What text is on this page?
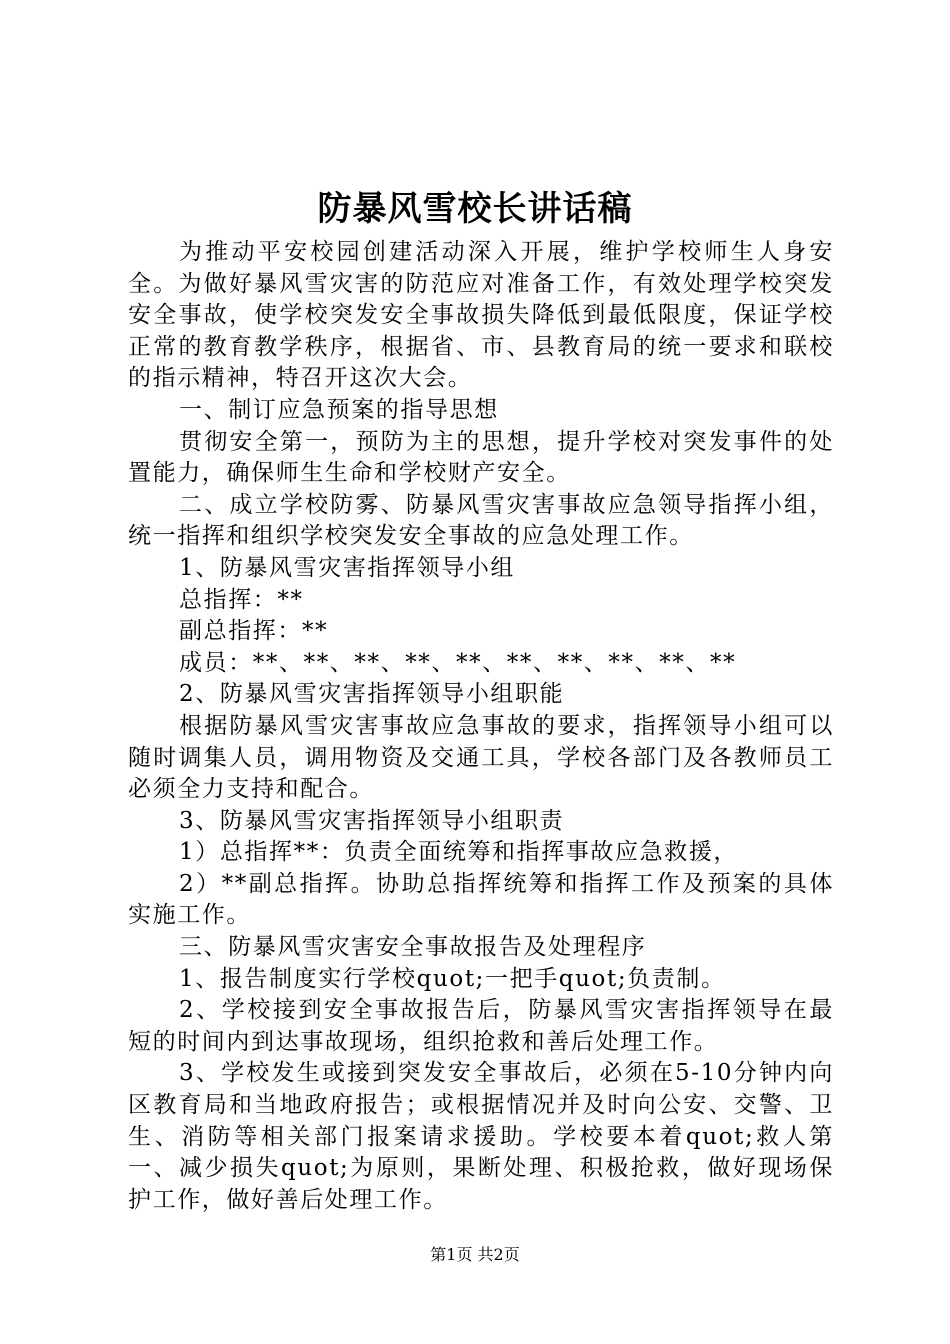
防暴风雪校长讲话稿

为推动平安校园创建活动深入开展，维护学校师生人身安全。为做好暴风雪灾害的防范应对准备工作，有效处理学校突发安全事故，使学校突发安全事故损失降低到最低限度，保证学校正常的教育教学秩序，根据省、市、县教育局的统一要求和联校的指示精神，特召开这次大会。

一、制订应急预案的指导思想

贯彻安全第一，预防为主的思想，提升学校对突发事件的处置能力，确保师生生命和学校财产安全。

二、成立学校防雾、防暴风雪灾害事故应急领导指挥小组，统一指挥和组织学校突发安全事故的应急处理工作。

1、防暴风雪灾害指挥领导小组

总指挥：**

副总指挥：**

成员：**、**、**、**、**、**、**、**、**、**

2、防暴风雪灾害指挥领导小组职能

根据防暴风雪灾害事故应急事故的要求，指挥领导小组可以随时调集人员，调用物资及交通工具，学校各部门及各教师员工必须全力支持和配合。

3、防暴风雪灾害指挥领导小组职责

1）总指挥**：负责全面统筹和指挥事故应急救援，

2）**副总指挥。协助总指挥统筹和指挥工作及预案的具体实施工作。

三、防暴风雪灾害安全事故报告及处理程序

1、报告制度实行学校quot;一把手quot;负责制。

2、学校接到安全事故报告后，防暴风雪灾害指挥领导在最短的时间内到达事故现场，组织抢救和善后处理工作。

3、学校发生或接到突发安全事故后，必须在5-10分钟内向区教育局和当地政府报告；或根据情况并及时向公安、交警、卫生、消防等相关部门报案请求援助。学校要本着quot;救人第一、减少损失quot;为原则，果断处理、积极抢救，做好现场保护工作，做好善后处理工作。

第1页 共2页
